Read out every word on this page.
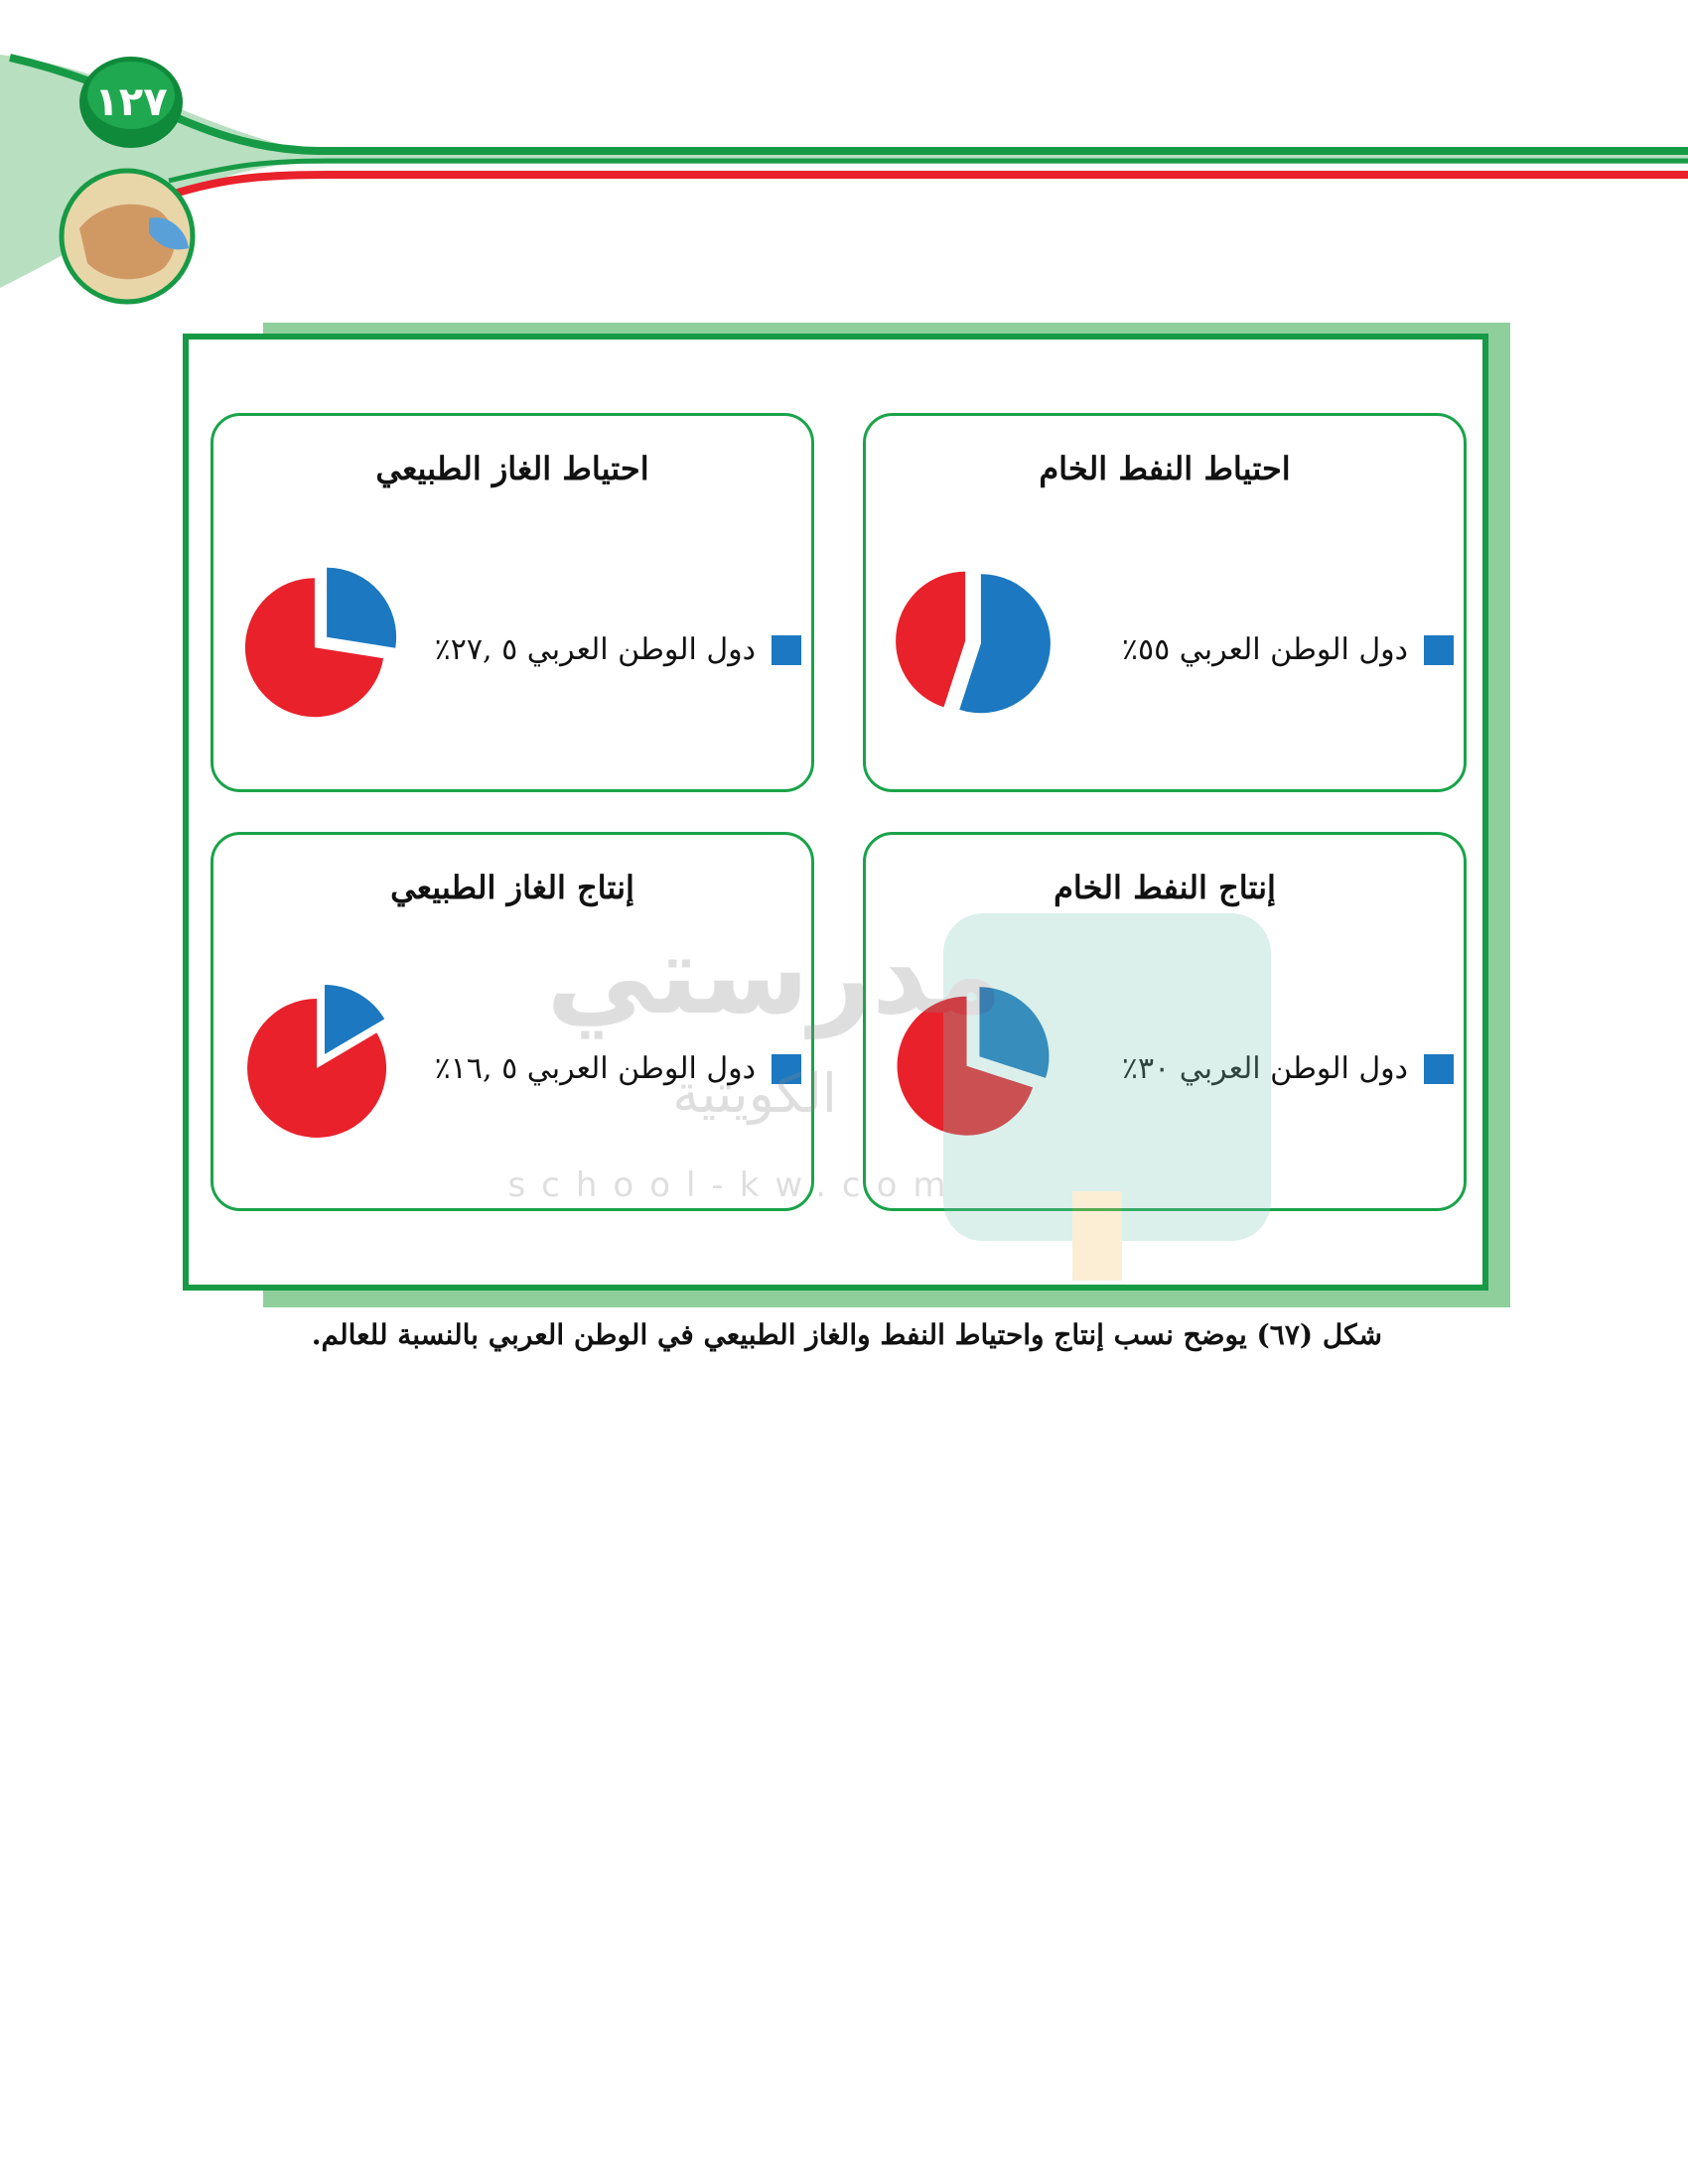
١٢٧
احتياط النفط الخام
دول الوطن العربي ٥٥٪
احتياط الغاز الطبيعي
دول الوطن العربي ٥ ,٢٧٪
إنتاج النفط الخام
دول الوطن العربي ٣٠٪
إنتاج الغاز الطبيعي
دول الوطن العربي ٥ ,١٦٪
مدرستي
الكويتية
school-kw.com
شكل (٦٧) يوضح نسب إنتاج واحتياط النفط والغاز الطبيعي في الوطن العربي بالنسبة للعالم.
